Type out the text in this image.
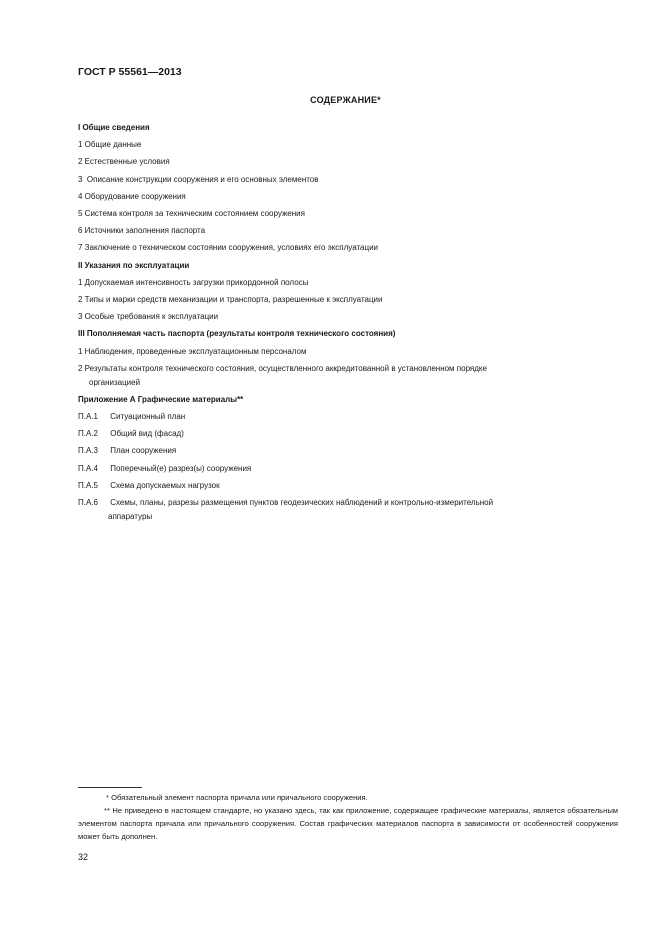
ГОСТ Р 55561—2013
СОДЕРЖАНИЕ*
I Общие сведения
1 Общие данные
2 Естественные условия
3  Описание конструкции сооружения и его основных элементов
4 Оборудование сооружения
5 Система контроля за техническим состоянием сооружения
6 Источники заполнения паспорта
7 Заключение о техническом состоянии сооружения, условиях его эксплуатации
II Указания по эксплуатации
1 Допускаемая интенсивность загрузки прикордонной полосы
2 Типы и марки средств механизации и транспорта, разрешенные к эксплуатации
3 Особые требования к эксплуатации
III Пополняемая часть паспорта (результаты контроля технического состояния)
1 Наблюдения, проведенные эксплуатационным персоналом
2 Результаты контроля технического состояния, осуществленного аккредитованной в установленном порядке
организацией
Приложение А Графические материалы**
П.А.1 Ситуационный план
П.А.2 Общий вид (фасад)
П.А.3 План сооружения
П.А.4 Поперечный(е) разрез(ы) сооружения
П.А.5 Схема допускаемых нагрузок
П.А.6 Схемы, планы, разрезы размещения пунктов геодезических наблюдений и контрольно-измерительной
аппаратуры
* Обязательный элемент паспорта причала или причального сооружения.
** Не приведено в настоящем стандарте, но указано здесь, так как приложение, содержащее графические материалы, является обязательным элементом паспорта причала или причального сооружения. Состав графических материалов паспорта в зависимости от особенностей сооружения может быть дополнен.
32
